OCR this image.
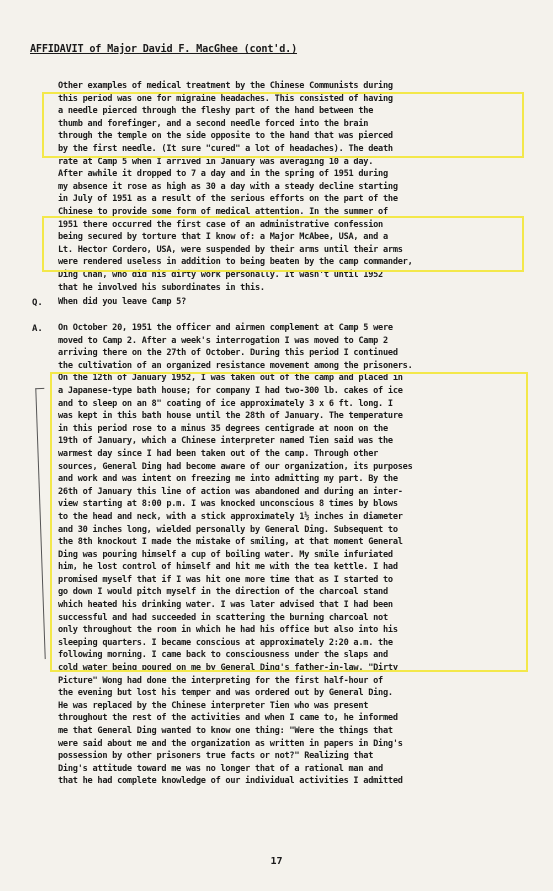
AFFIDAVIT of Major David F. MacGhee (cont'd.)
Other examples of medical treatment by the Chinese Communists during
this period was one for migraine headaches. This consisted of having
a needle pierced through the fleshy part of the hand between the
thumb and forefinger, and a second needle forced into the brain
through the temple on the side opposite to the hand that was pierced
by the first needle. (It sure "cured" a lot of headaches). The death
rate at Camp 5 when I arrived in January was averaging 10 a day.
After awhile it dropped to 7 a day and in the spring of 1951 during
my absence it rose as high as 30 a day with a steady decline starting
in July of 1951 as a result of the serious efforts on the part of the
Chinese to provide some form of medical attention. In the summer of
1951 there occurred the first case of an administrative confession
being secured by torture that I know of: a Major McAbee, USA, and a
Lt. Hector Cordero, USA, were suspended by their arms until their arms
were rendered useless in addition to being beaten by the camp commander,
Ding Chan, who did his dirty work personally. It wasn't until 1952
that he involved his subordinates in this.
Q. When did you leave Camp 5?
A. On October 20, 1951 the officer and airmen complement at Camp 5 were
moved to Camp 2. After a week's interrogation I was moved to Camp 2
arriving there on the 27th of October. During this period I continued
the cultivation of an organized resistance movement among the prisoners.
On the 12th of January 1952, I was taken out of the camp and placed in
a Japanese-type bath house; for company I had two-300 lb. cakes of ice
and to sleep on an 8" coating of ice approximately 3 x 6 ft. long. I
was kept in this bath house until the 28th of January. The temperature
in this period rose to a minus 35 degrees centigrade at noon on the
19th of January, which a Chinese interpreter named Tien said was the
warmest day since I had been taken out of the camp. Through other
sources, General Ding had become aware of our organization, its purposes
and work and was intent on freezing me into admitting my part. By the
26th of January this line of action was abandoned and during an inter-
view starting at 8:00 p.m. I was knocked unconscious 8 times by blows
to the head and neck, with a stick approximately 1½ inches in diameter
and 30 inches long, wielded personally by General Ding. Subsequent to
the 8th knockout I made the mistake of smiling, at that moment General
Ding was pouring himself a cup of boiling water. My smile infuriated
him, he lost control of himself and hit me with the tea kettle. I had
promised myself that if I was hit one more time that as I started to
go down I would pitch myself in the direction of the charcoal stand
which heated his drinking water. I was later advised that I had been
successful and had succeeded in scattering the burning charcoal not
only throughout the room in which he had his office but also into his
sleeping quarters. I became conscious at approximately 2:20 a.m. the
following morning. I came back to consciousness under the slaps and
cold water being poured on me by General Ding's father-in-law. "Dirty
Picture" Wong had done the interpreting for the first half-hour of
the evening but lost his temper and was ordered out by General Ding.
He was replaced by the Chinese interpreter Tien who was present
throughout the rest of the activities and when I came to, he informed
me that General Ding wanted to know one thing: "Were the things that
were said about me and the organization as written in papers in Ding's
possession by other prisoners true facts or not?" Realizing that
Ding's attitude toward me was no longer that of a rational man and
that he had complete knowledge of our individual activities I admitted
17
